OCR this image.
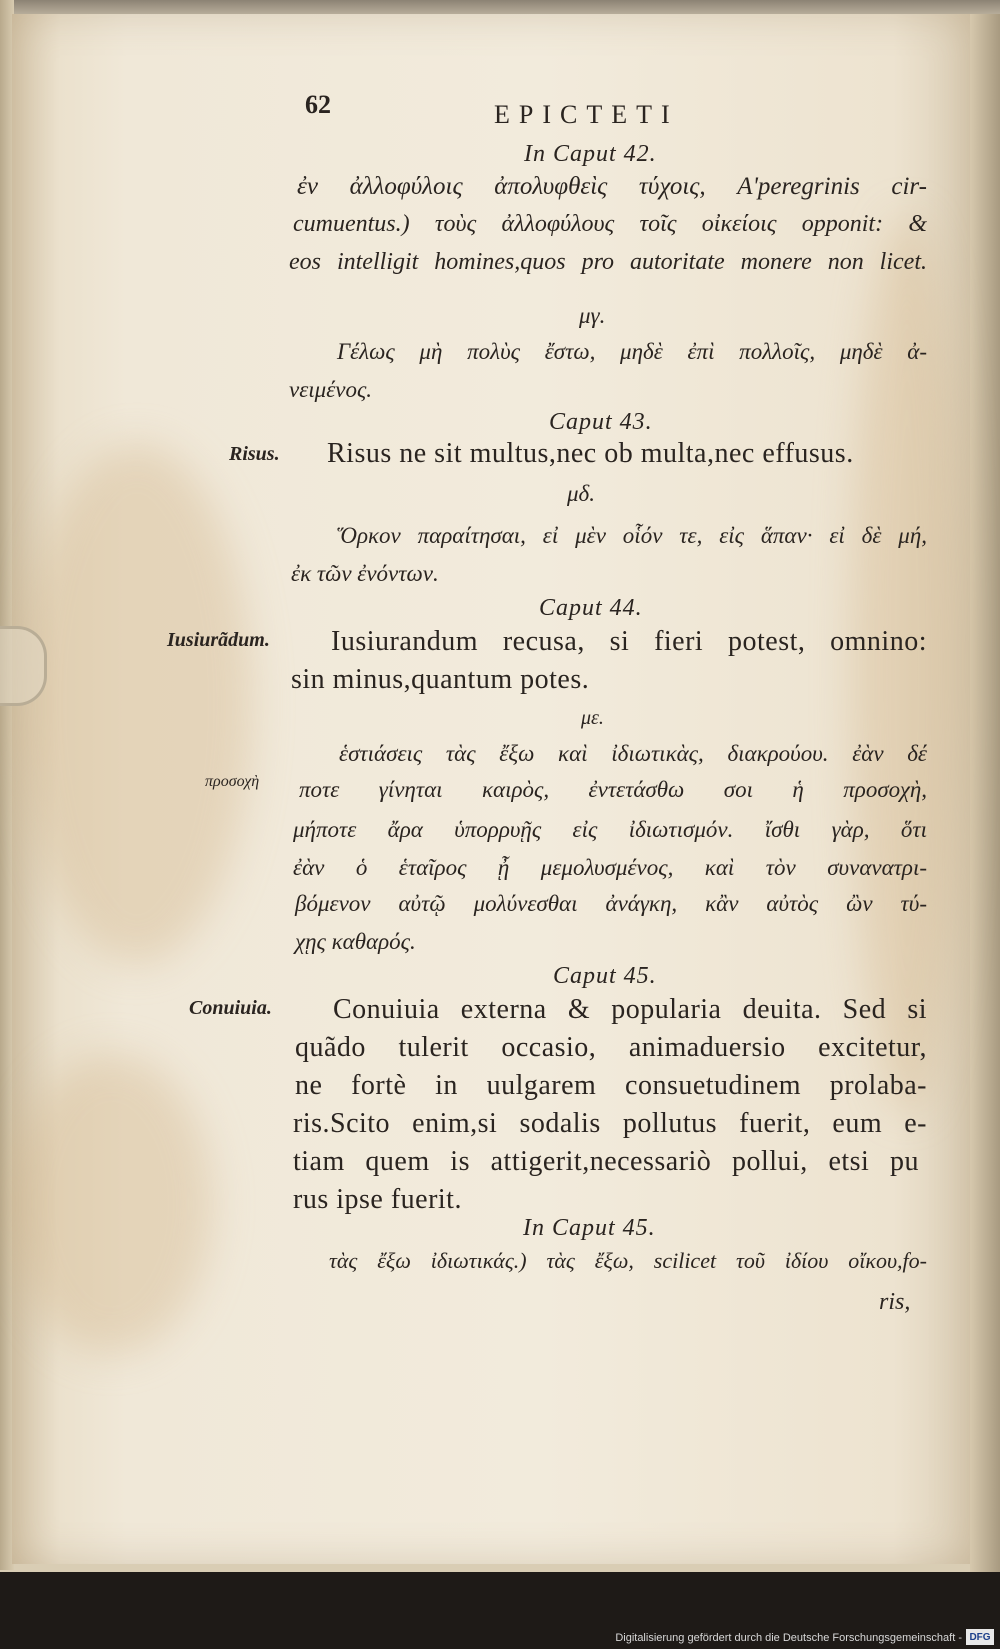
62	EPICTETI
In Caput 42.
ἐν ἀλλοφύλοις ἀπολυφθεὶς τύχοις, A'peregrinis cir-
cumuentus.) τοὺς ἀλλοφύλους τοῖς οἰκείοις opponit: &
eos intelligit homines,quos pro autoritate monere non licet.
μγ.
Γέλως μὴ πολὺς ἔστω, μηδὲ ἐπὶ πολλοῖς, μηδὲ ἀ-
νειμένος.
Caput 43.
Risus. Risus ne sit multus,nec ob multa,nec effusus.
μδ.
Ὅρκον παραίτησαι, εἰ μὲν οἷόν τε, εἰς ἅπαν· εἰ δὲ μή,
ἐκ τῶν ἐνόντων.
Caput 44.
Iusiurãdum. Iusiurandum recusa, si fieri potest, omnino:
sin minus,quantum potes.
με.
ἑστιάσεις τὰς ἔξω καὶ ἰδιωτικὰς, διακρούου. ἐὰν δέ
προσοχὴ ποτε γίνηται καιρὸς, ἐντετάσθω σοι ἡ προσοχὴ,
μήποτε ἄρα ὑπορρυῇς εἰς ἰδιωτισμόν. ἴσθι γὰρ, ὅτι
ἐὰν ὁ ἑταῖρος ᾖ μεμολυσμένος, καὶ τὸν συνανατρι-
βόμενον αὐτῷ μολύνεσθαι ἀνάγκη, κἂν αὐτὸς ὢν τύ-
χῃς καθαρός.
Caput 45.
Conuiuia. Conuiuia externa & popularia deuita. Sed si
quãdo tulerit occasio, animaduersio excitetur,
ne fortè in uulgarem consuetudinem prolaba-
ris.Scito enim,si sodalis pollutus fuerit, eum e-
tiam quem is attigerit,necessariò pollui, etsi pu
rus ipse fuerit.
In Caput 45.
τὰς ἔξω ἰδιωτικάς.) τὰς ἔξω, scilicet τοῦ ἰδίου οἴκου,fo-
ris,
Digitalisierung gefördert durch die Deutsche Forschungsgemeinschaft - DFG
